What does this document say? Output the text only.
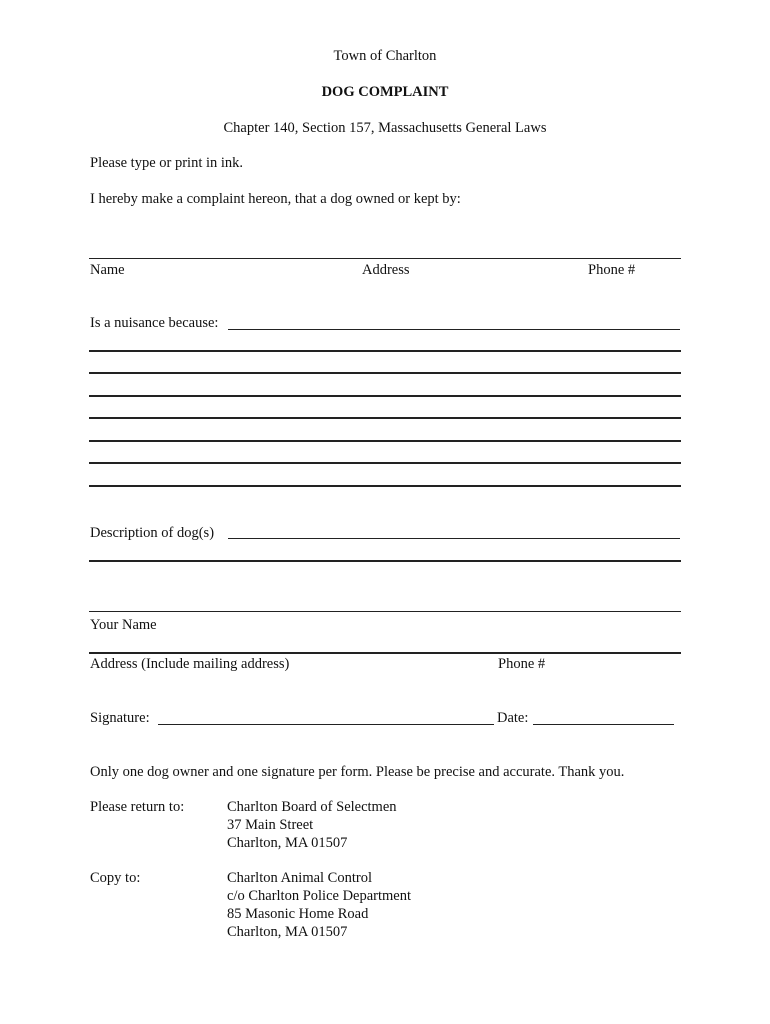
Town of Charlton
DOG COMPLAINT
Chapter 140, Section 157, Massachusetts General Laws
Please type or print in ink.
I hereby make a complaint hereon, that a dog owned or kept by:
Name	Address	Phone #
Is a nuisance because:
Description of dog(s)
Your Name
Address (Include mailing address)	Phone #
Signature:	Date:
Only one dog owner and one signature per form. Please be precise and accurate. Thank you.
Please return to:	Charlton Board of Selectmen
37 Main Street
Charlton, MA 01507
Copy to:	Charlton Animal Control
c/o Charlton Police Department
85 Masonic Home Road
Charlton, MA 01507
